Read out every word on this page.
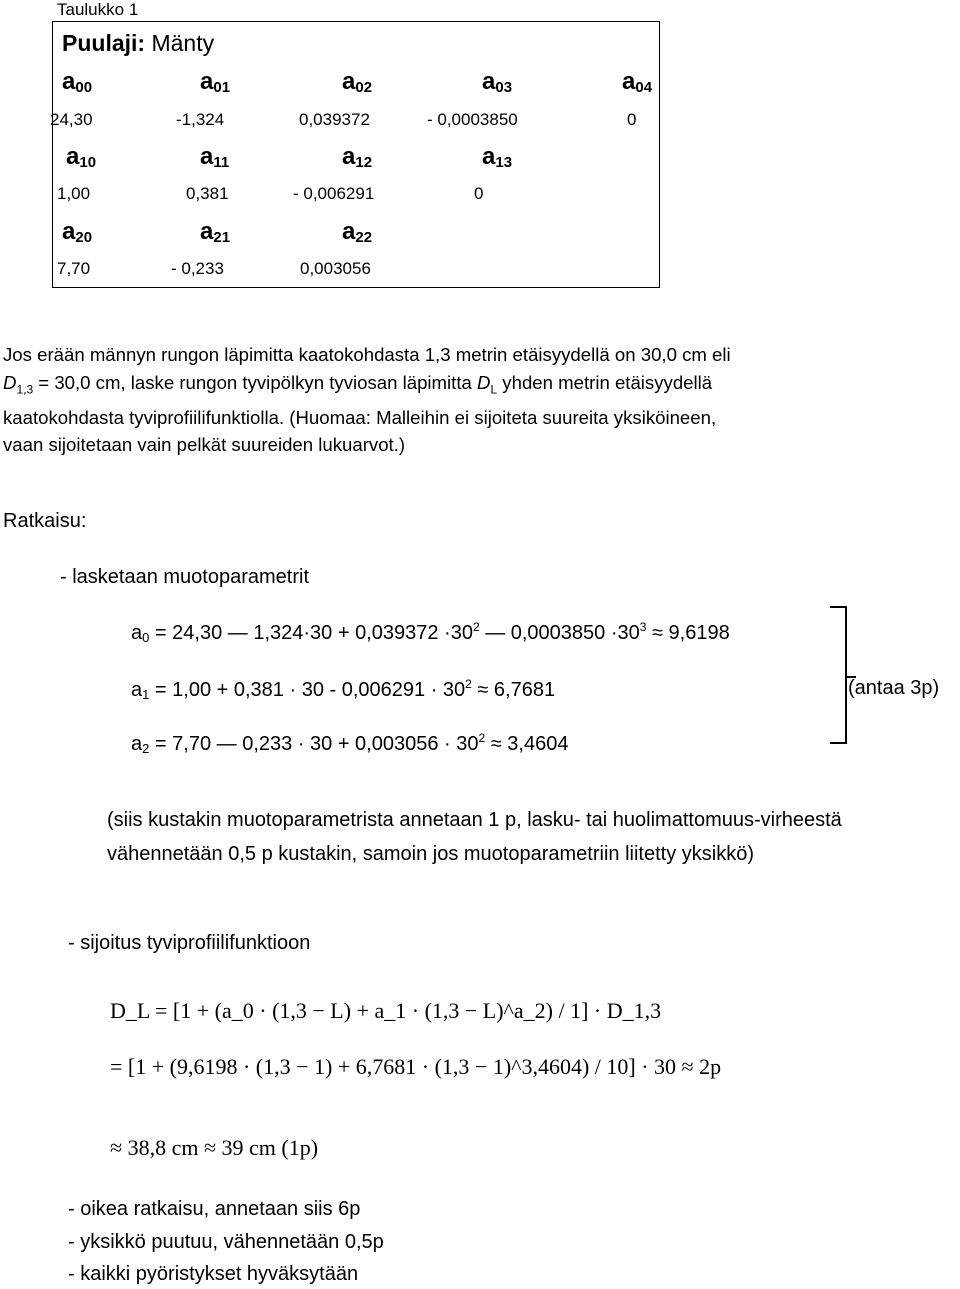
Taulukko 1
Puulaji: Mänty
$a_{00}$	$a_{01}$	$a_{02}$	$a_{03}$	$a_{04}$
24,30	-1,324	0,039372	- 0,0003850	0
$a_{10}$	$a_{11}$	$a_{12}$	$a_{13}$
1,00	0,381	- 0,006291	0
$a_{20}$	$a_{21}$	$a_{22}$
7,70	- 0,233	0,003056

Jos erään männyn rungon läpimitta kaatokohdasta 1,3 metrin etäisyydellä on 30,0 cm eli

$D_{1,3} = 30,0$ cm, laske rungon tyvipölkyn tyviosan läpimitta $D_L$ yhden metrin etäisyydellä

kaatokohdasta tyviprofiilifunktiolla. (Huomaa: Malleihin ei sijoiteta suureita yksiköineen,

vaan sijoitetaan vain pelkät suureiden lukuarvot.)

Ratkaisu:
- lasketaan muotoparametrit
$a_0 = 24,30$ — $1,324\cdot 30 + 0,039372 \cdot 30^2$ — $0,0003850 \cdot 30^3 \approx 9,6198$
$a_1 = 1,00 + 0,381 \cdot 30 - 0,006291 \cdot 30^2 \approx 6,7681$
$a_2 = 7,70$ — $0,233 \cdot 30 + 0,003056 \cdot 30^2 \approx 3,4604$
(antaa 3p)
(siis kustakin muotoparametrista annetaan 1 p, lasku- tai huolimattomuus-virheestä vähennetään 0,5 p kustakin, samoin jos muotoparametriin liitetty yksikkö)
- sijoitus tyviprofiilifunktioon
D_L = [1 + (a_0 · (1,3 − L) + a_1 · (1,3 − L)^a_2) / 1] · D_1,3
= [1 + (9,6198 · (1,3 − 1) + 6,7681 · (1,3 − 1)^3,4604) / 10] · 30 ≈ 2p
≈ 38,8 cm ≈ 39 cm (1p)
- oikea ratkaisu, annetaan siis 6p
- yksikkö puutuu, vähennetään 0,5p
- kaikki pyöristykset hyväksytään
